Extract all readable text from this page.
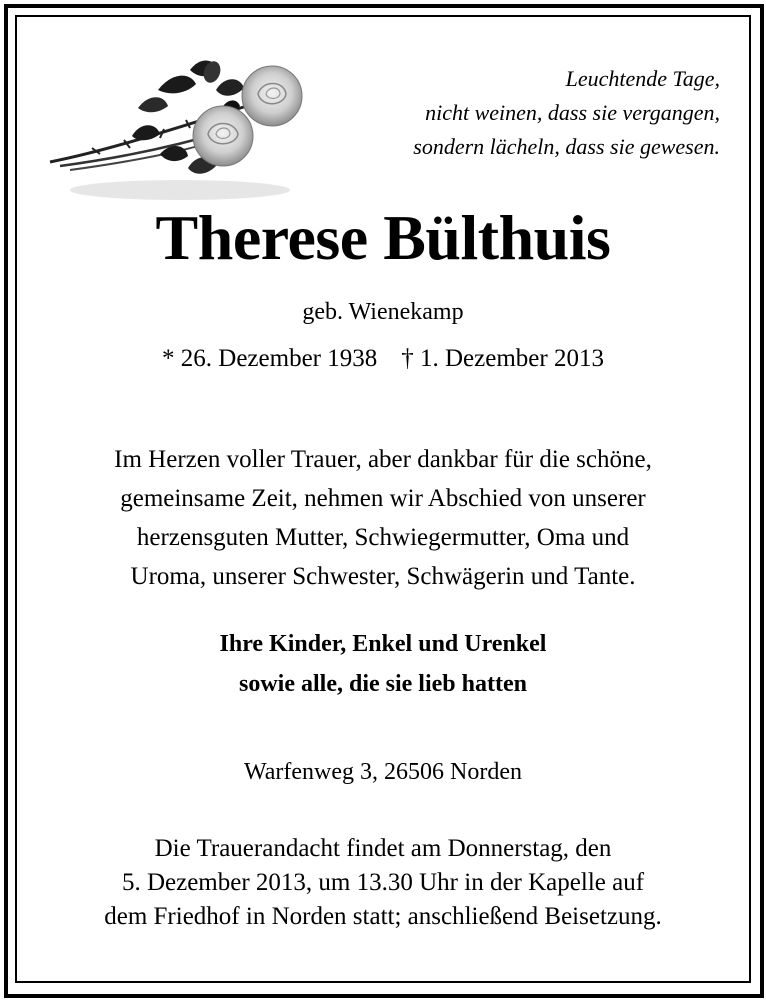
Leuchtende Tage,
nicht weinen, dass sie vergangen,
sondern lächeln, dass sie gewesen.
Therese Bülthuis
geb. Wienekamp
* 26. Dezember 1938 † 1. Dezember 2013
Im Herzen voller Trauer, aber dankbar für die schöne,
gemeinsame Zeit, nehmen wir Abschied von unserer
herzensguten Mutter, Schwiegermutter, Oma und
Uroma, unserer Schwester, Schwägerin und Tante.
Ihre Kinder, Enkel und Urenkel
sowie alle, die sie lieb hatten
Warfenweg 3, 26506 Norden
Die Trauerandacht findet am Donnerstag, den
5. Dezember 2013, um 13.30 Uhr in der Kapelle auf
dem Friedhof in Norden statt; anschließend Beisetzung.
